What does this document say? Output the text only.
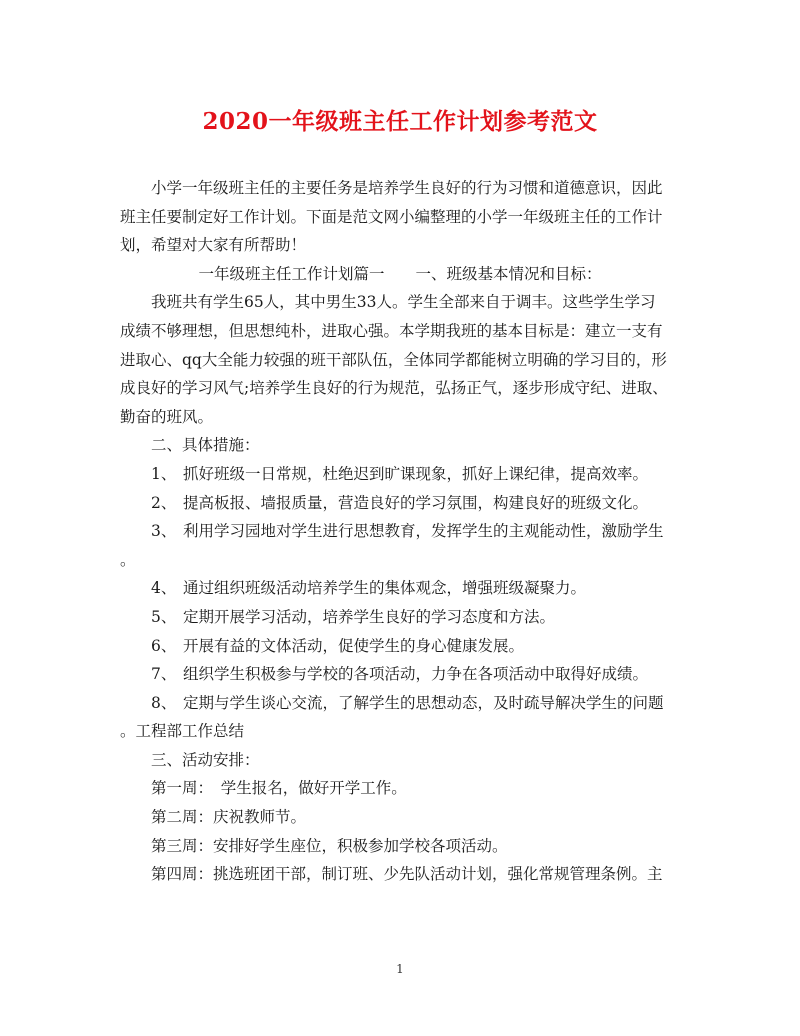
2020一年级班主任工作计划参考范文

小学一年级班主任的主要任务是培养学生良好的行为习惯和道德意识，因此

班主任要制定好工作计划。下面是范文网小编整理的小学一年级班主任的工作计

划，希望对大家有所帮助！

一年级班主任工作计划篇一　　一、班级基本情况和目标：

我班共有学生65人，其中男生33人。学生全部来自于调丰。这些学生学习

成绩不够理想，但思想纯朴，进取心强。本学期我班的基本目标是：建立一支有

进取心、qq大全能力较强的班干部队伍，全体同学都能树立明确的学习目的，形

成良好的学习风气;培养学生良好的行为规范，弘扬正气，逐步形成守纪、进取、

勤奋的班风。

二、具体措施：

1、 抓好班级一日常规，杜绝迟到旷课现象，抓好上课纪律，提高效率。

2、 提高板报、墙报质量，营造良好的学习氛围，构建良好的班级文化。

3、 利用学习园地对学生进行思想教育，发挥学生的主观能动性，激励学生

。

4、 通过组织班级活动培养学生的集体观念，增强班级凝聚力。

5、 定期开展学习活动，培养学生良好的学习态度和方法。

6、 开展有益的文体活动，促使学生的身心健康发展。

7、 组织学生积极参与学校的各项活动，力争在各项活动中取得好成绩。

8、 定期与学生谈心交流，了解学生的思想动态，及时疏导解决学生的问题

。工程部工作总结

三、活动安排：

第一周：　学生报名，做好开学工作。

第二周：庆祝教师节。

第三周：安排好学生座位，积极参加学校各项活动。

第四周：挑选班团干部，制订班、少先队活动计划，强化常规管理条例。主

1
